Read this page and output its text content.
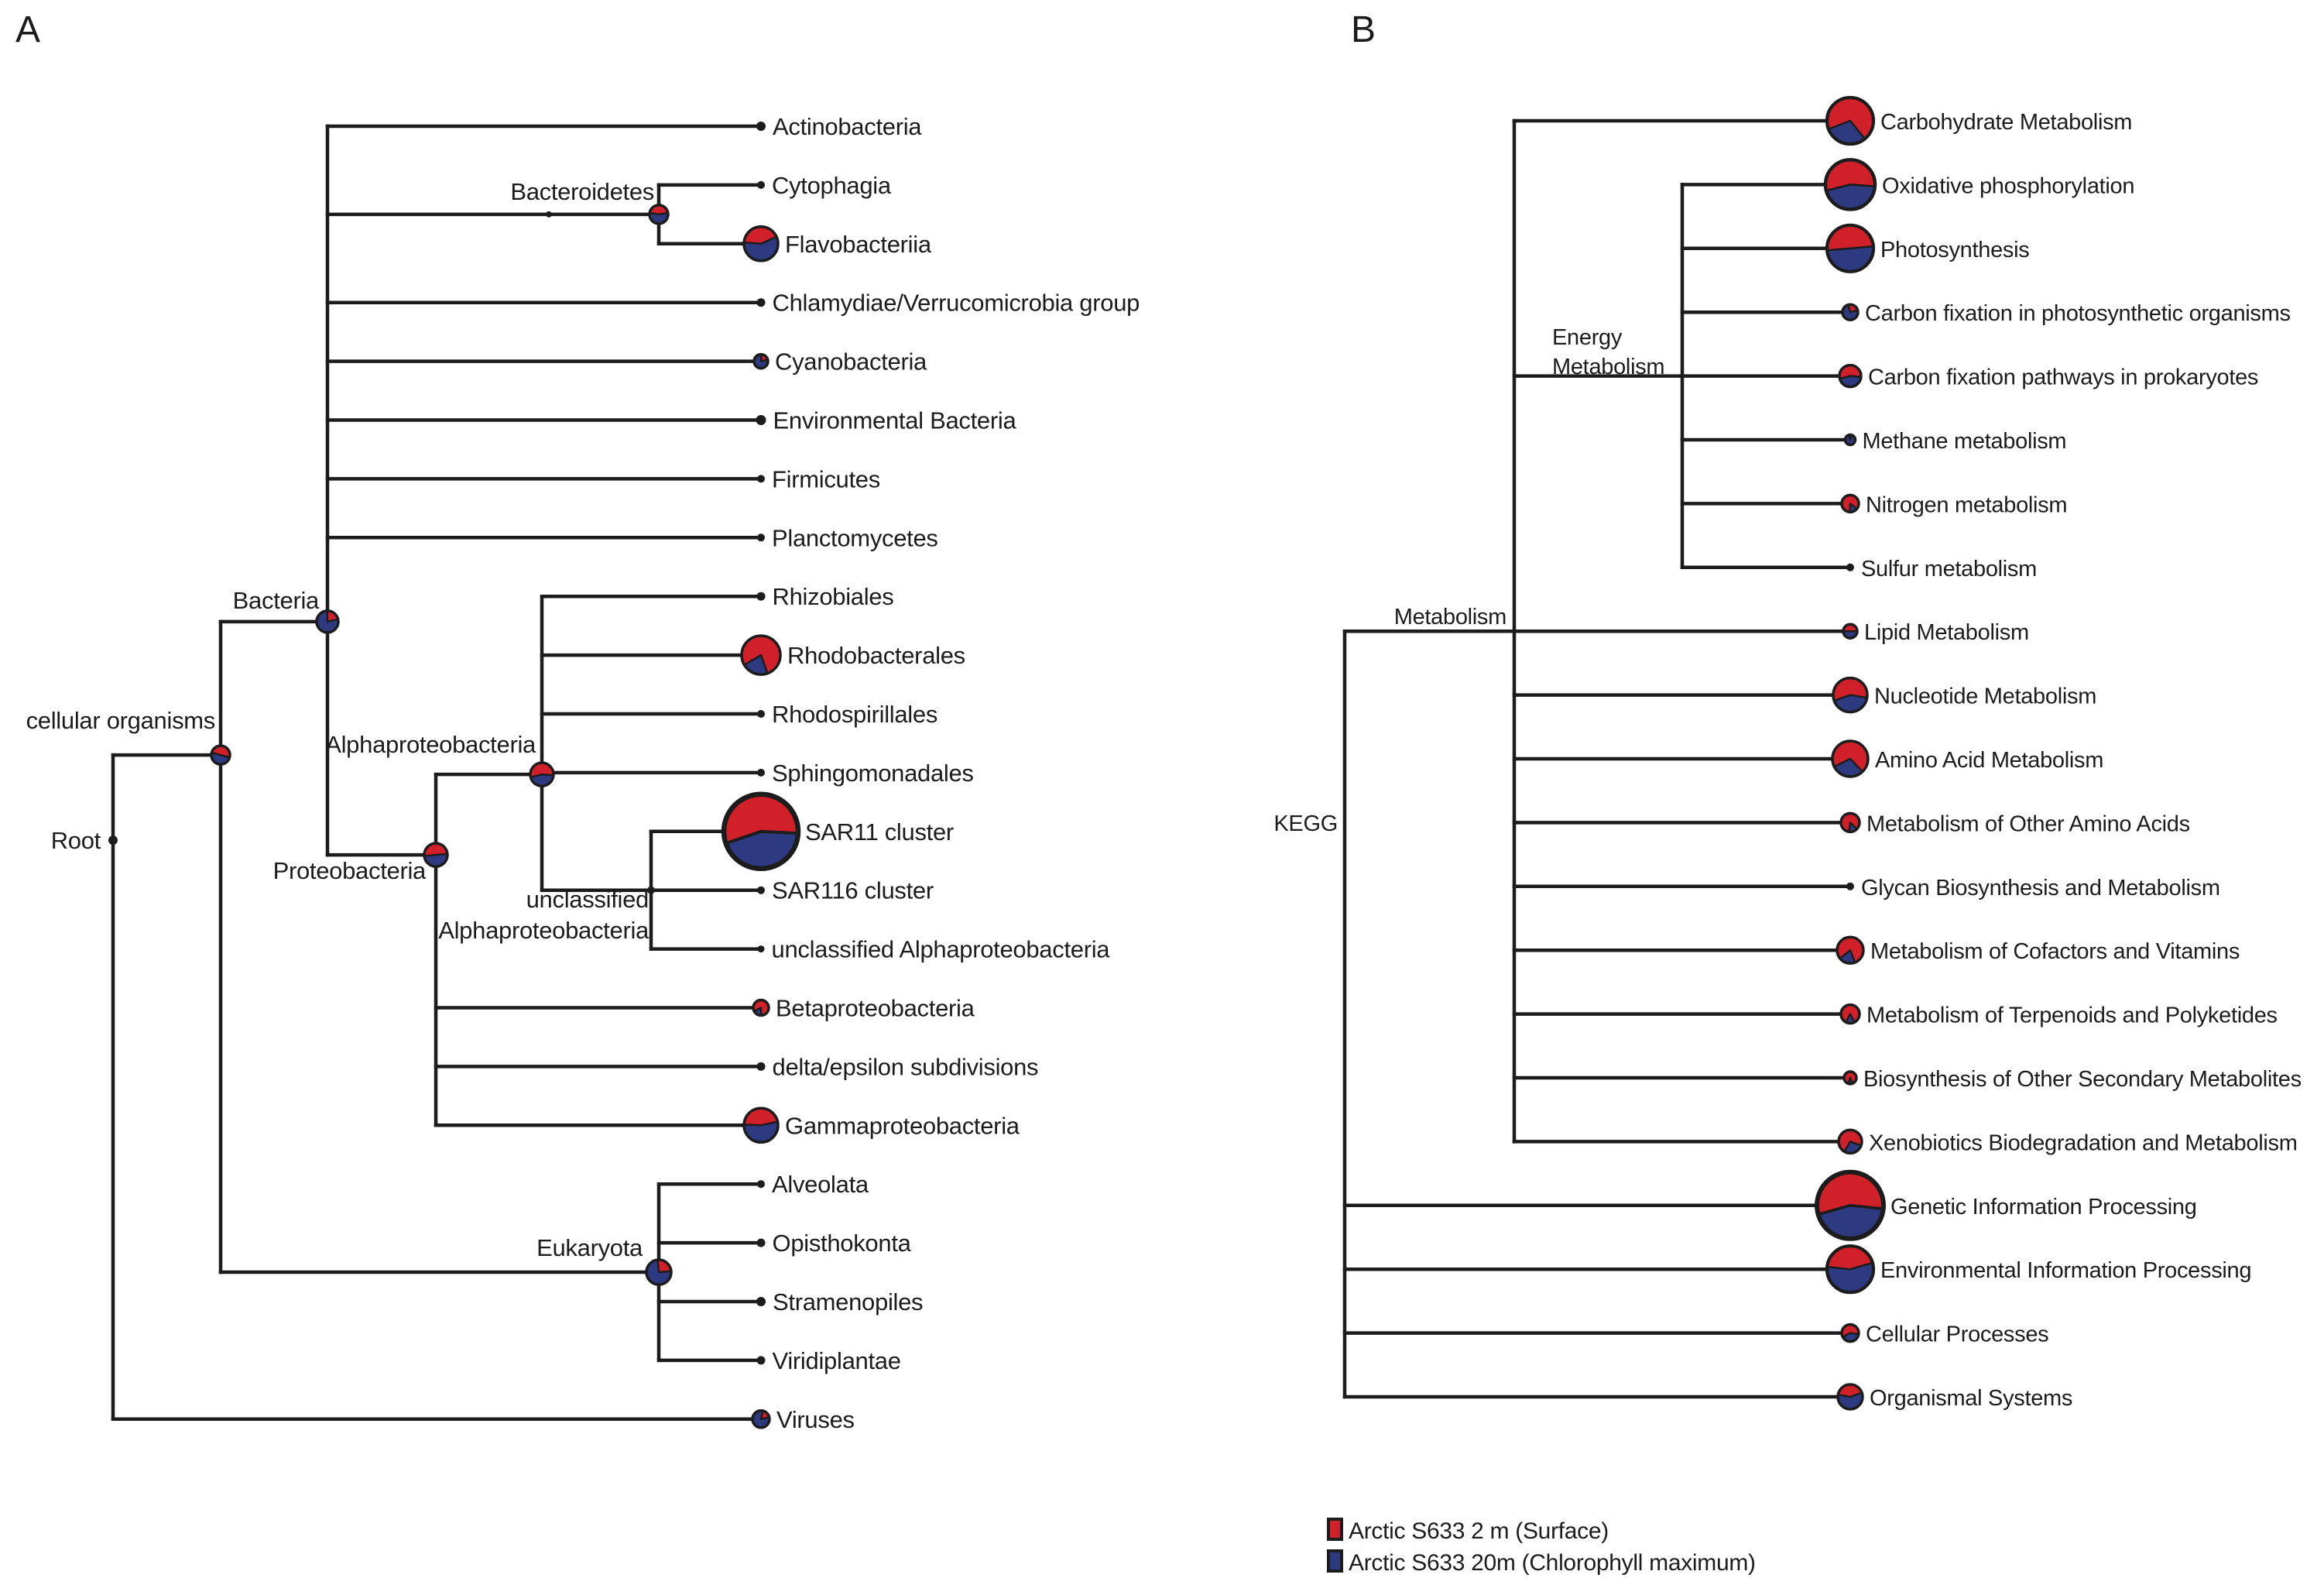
A	B
Actinobacteria
Cytophagia
Flavobacteriia
Bacteroidetes
Chlamydiae/Verrucomicrobia group
Cyanobacteria
Environmental Bacteria
Firmicutes
Planctomycetes
Rhizobiales
Rhodobacterales
Rhodospirillales
Sphingomonadales
SAR11 cluster
SAR116 cluster
unclassified Alphaproteobacteria
unclassified
Alphaproteobacteria
Alphaproteobacteria
Betaproteobacteria
delta/epsilon subdivisions
Gammaproteobacteria
Proteobacteria
Bacteria
Alveolata
Opisthokonta
Stramenopiles
Viridiplantae
Eukaryota
cellular organisms
Viruses
Root
Carbohydrate Metabolism
Oxidative phosphorylation
Photosynthesis
Carbon fixation in photosynthetic organisms
Carbon fixation pathways in prokaryotes
Methane metabolism
Nitrogen metabolism
Sulfur metabolism
Energy
Metabolism
Lipid Metabolism
Nucleotide Metabolism
Amino Acid Metabolism
Metabolism of Other Amino Acids
Glycan Biosynthesis and Metabolism
Metabolism of Cofactors and Vitamins
Metabolism of Terpenoids and Polyketides
Biosynthesis of Other Secondary Metabolites
Xenobiotics Biodegradation and Metabolism
Metabolism
Genetic Information Processing
Environmental Information Processing
Cellular Processes
Organismal Systems
KEGG
Arctic S633 2 m (Surface)
Arctic S633 20m (Chlorophyll maximum)
